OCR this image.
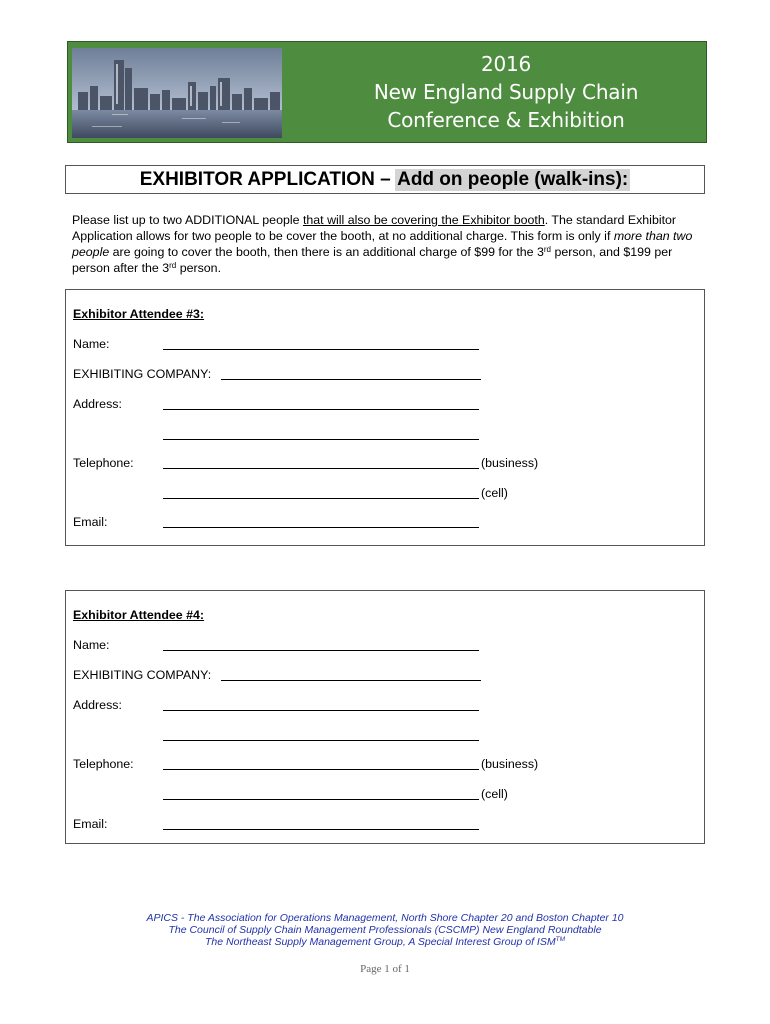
2016
New England Supply Chain
Conference & Exhibition
EXHIBITOR APPLICATION – Add on people (walk-ins):
Please list up to two ADDITIONAL people that will also be covering the Exhibitor booth. The standard Exhibitor Application allows for two people to be cover the booth, at no additional charge. This form is only if more than two people are going to cover the booth, then there is an additional charge of $99 for the 3rd person, and $199 per person after the 3rd person.
Exhibitor Attendee #3:
Name:
EXHIBITING COMPANY:
Address:
Telephone:	(business)
(cell)
Email:
Exhibitor Attendee #4:
Name:
EXHIBITING COMPANY:
Address:
Telephone:	(business)
(cell)
Email:
APICS - The Association for Operations Management, North Shore Chapter 20 and Boston Chapter 10
The Council of Supply Chain Management Professionals (CSCMP) New England Roundtable
The Northeast Supply Management Group, A Special Interest Group of ISM™
Page 1 of 1
